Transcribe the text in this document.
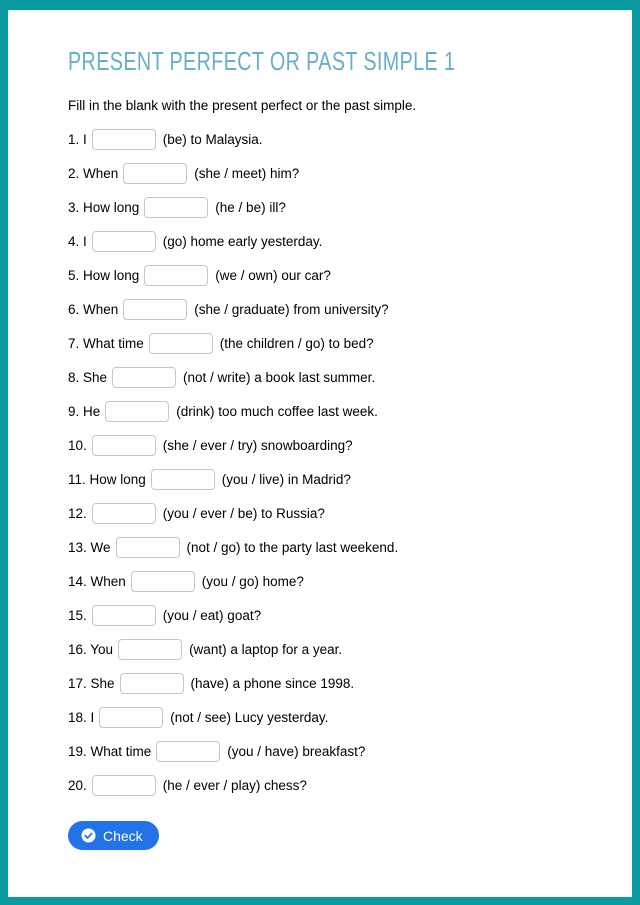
PRESENT PERFECT OR PAST SIMPLE 1

Fill in the blank with the present perfect or the past simple.

1. I	(be) to Malaysia.
2. When	(she / meet) him?
3. How long	(he / be) ill?
4. I	(go) home early yesterday.
5. How long	(we / own) our car?
6. When	(she / graduate) from university?
7. What time	(the children / go) to bed?
8. She	(not / write) a book last summer.
9. He	(drink) too much coffee last week.
10.	(she / ever / try) snowboarding?
11. How long	(you / live) in Madrid?
12.	(you / ever / be) to Russia?
13. We	(not / go) to the party last weekend.
14. When	(you / go) home?
15.	(you / eat) goat?
16. You	(want) a laptop for a year.
17. She	(have) a phone since 1998.
18. I	(not / see) Lucy yesterday.
19. What time	(you / have) breakfast?
20.	(he / ever / play) chess?
Check
